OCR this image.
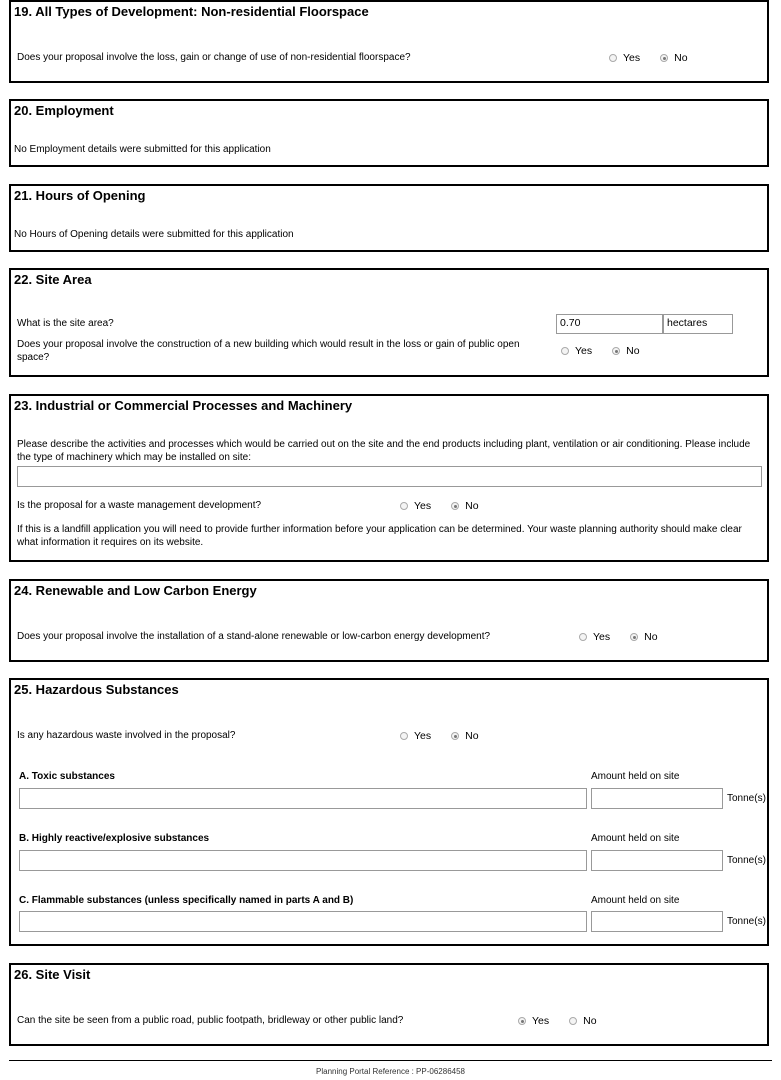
19. All Types of Development: Non-residential Floorspace
Does your proposal involve the loss, gain or change of use of non-residential floorspace?	Yes	No
20. Employment
No Employment details were submitted for this application
21. Hours of Opening
No Hours of Opening details were submitted for this application
22. Site Area
What is the site area?	0.70	hectares
Does your proposal involve the construction of a new building which would result in the loss or gain of public open space?
Yes	No
23. Industrial or Commercial Processes and Machinery
Please describe the activities and processes which would be carried out on the site and the end products including plant, ventilation or air conditioning. Please include the type of machinery which may be installed on site:
Is the proposal for a waste management development?	Yes	No
If this is a landfill application you will need to provide further information before your application can be determined. Your waste planning authority should make clear what information it requires on its website.
24. Renewable and Low Carbon Energy
Does your proposal involve the installation of a stand-alone renewable or low-carbon energy development?	Yes	No
25. Hazardous Substances
Is any hazardous waste involved in the proposal?	Yes	No
A. Toxic substances	Amount held on site
Tonne(s)
B. Highly reactive/explosive substances	Amount held on site
Tonne(s)
C. Flammable substances (unless specifically named in parts A and B)	Amount held on site
Tonne(s)
26. Site Visit
Can the site be seen from a public road, public footpath, bridleway or other public land?	Yes	No
Planning Portal Reference : PP-06286458
